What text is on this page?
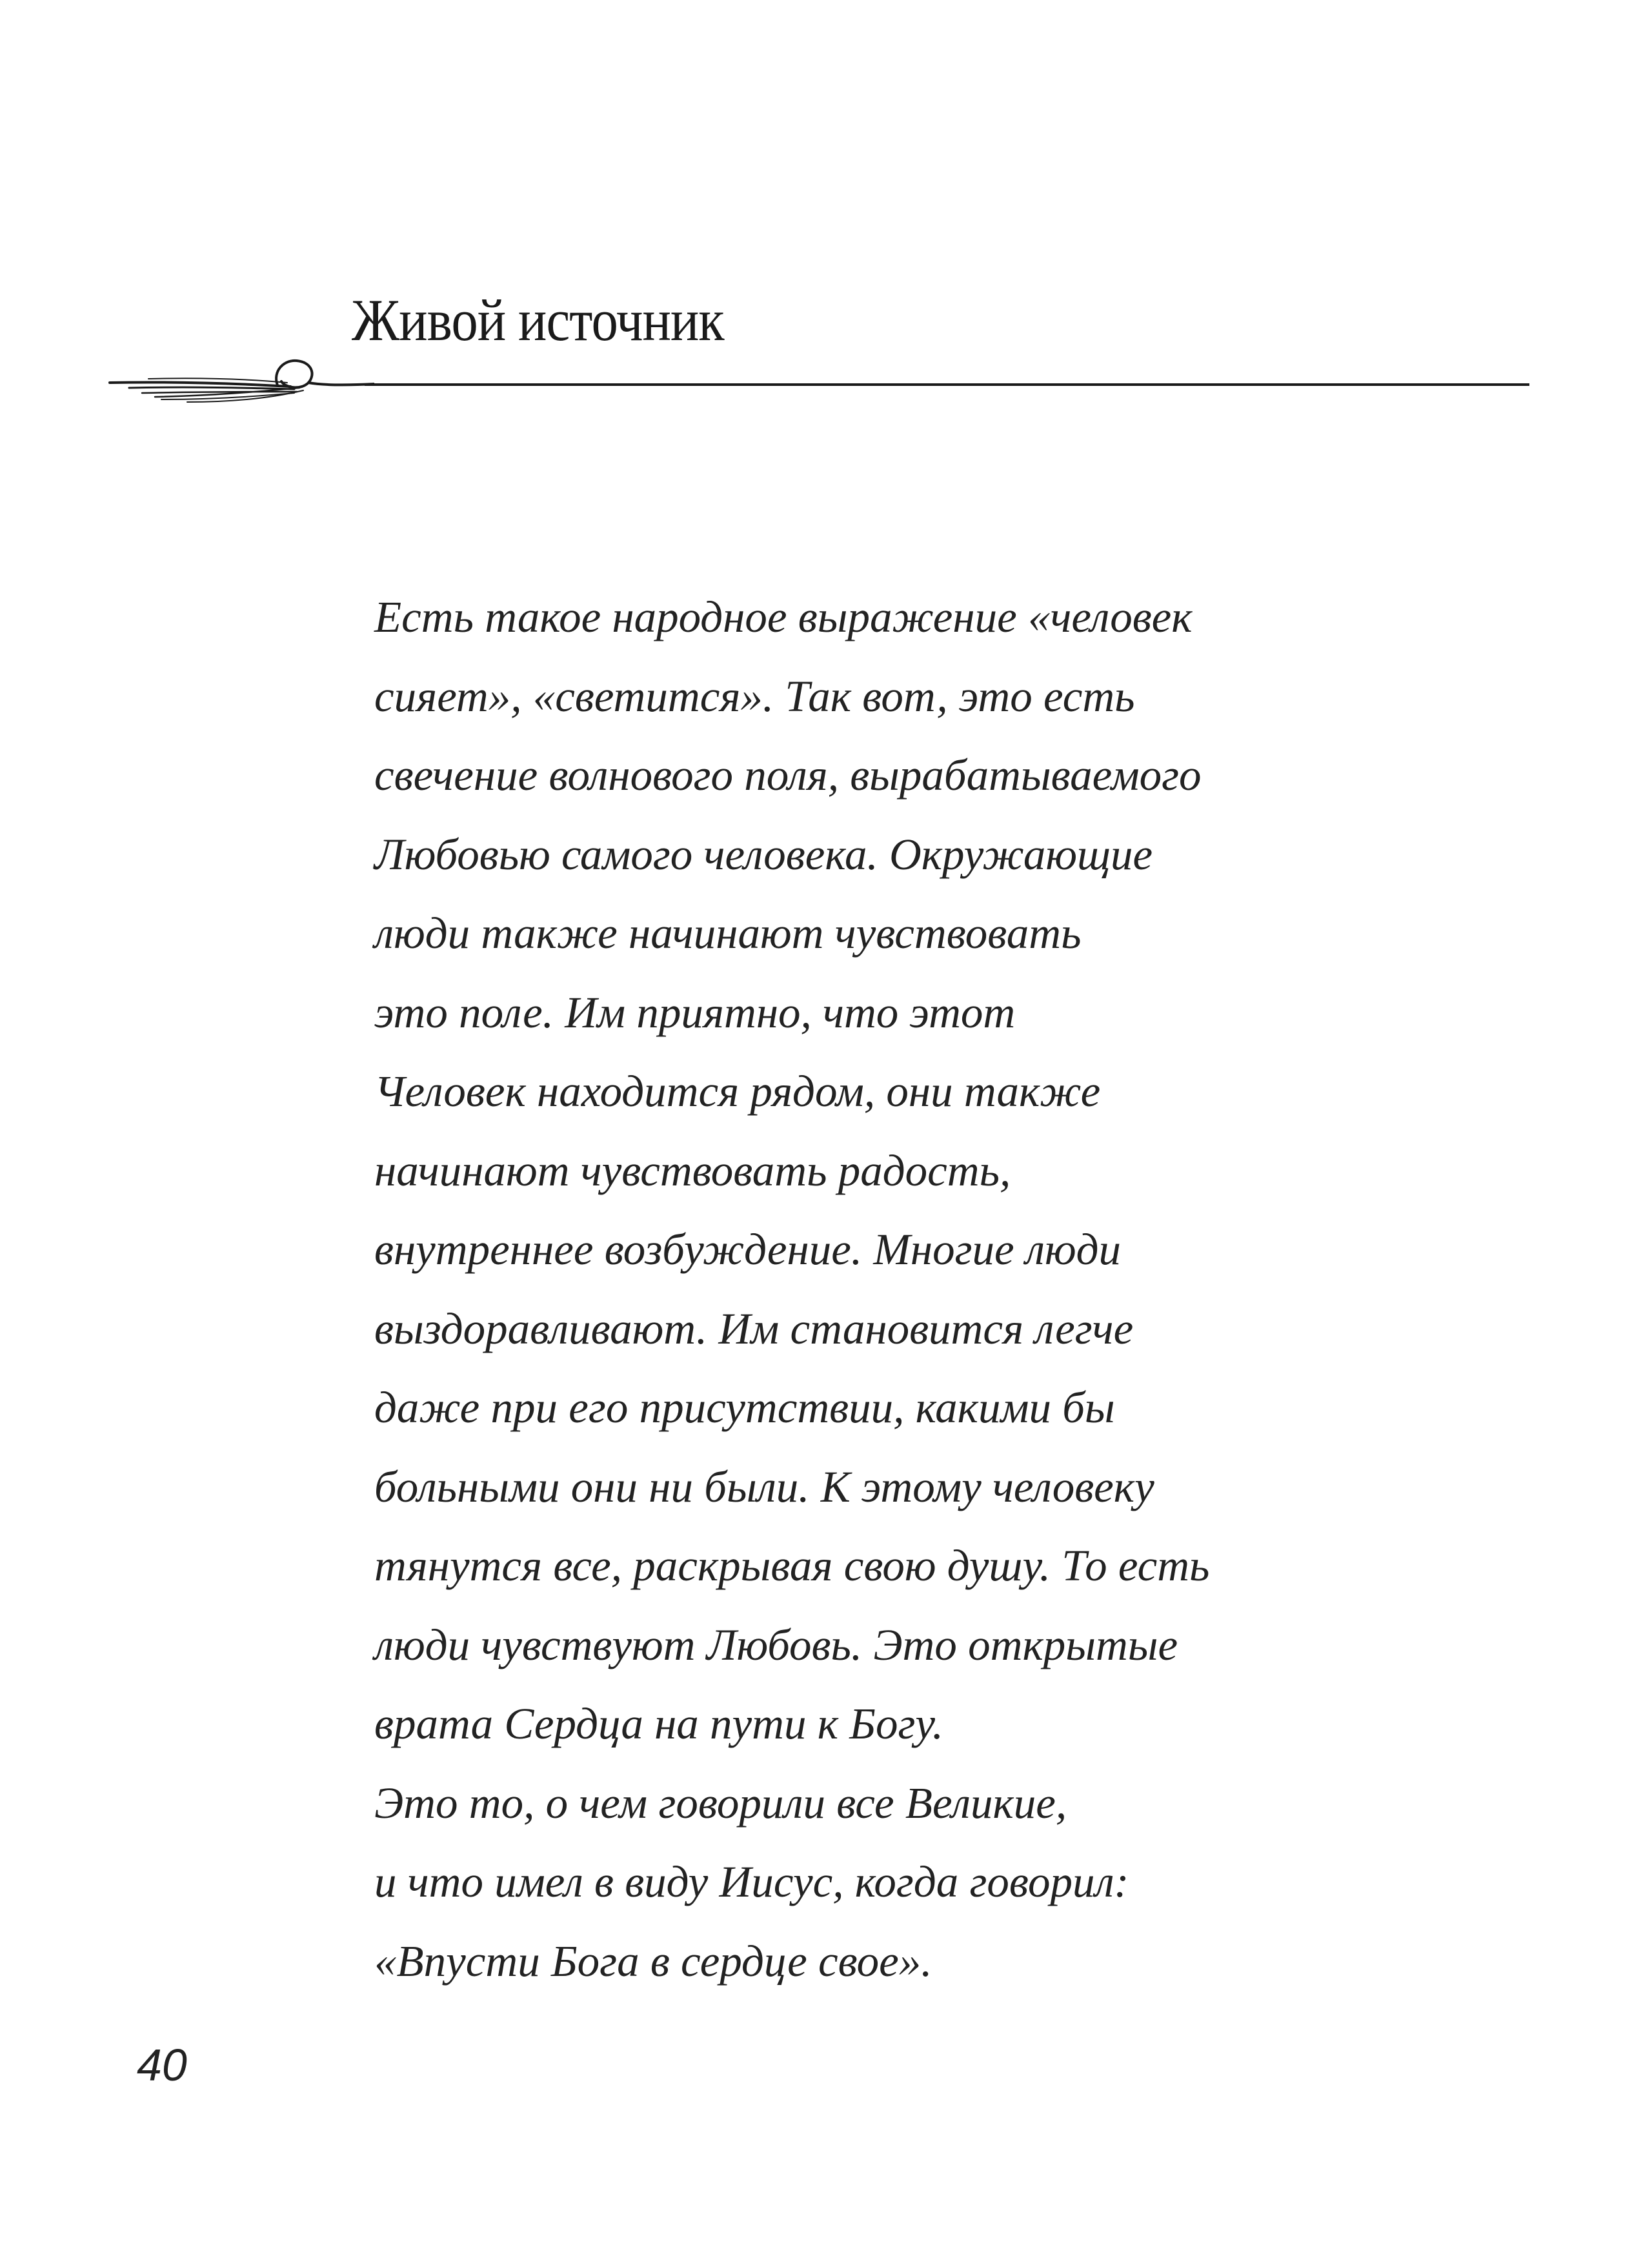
Живой источник
Есть такое народное выражение «человек
сияет», «светится». Так вот, это есть
свечение волнового поля, вырабатываемого
Любовью самого человека. Окружающие
люди также начинают чувствовать
это поле. Им приятно, что этот
Человек находится рядом, они также
начинают чувствовать радость,
внутреннее возбуждение. Многие люди
выздоравливают. Им становится легче
даже при его присутствии, какими бы
больными они ни были. К этому человеку
тянутся все, раскрывая свою душу. То есть
люди чувствуют Любовь. Это открытые
врата Сердца на пути к Богу.
Это то, о чем говорили все Великие,
и что имел в виду Иисус, когда говорил:
«Впусти Бога в сердце свое».
40
